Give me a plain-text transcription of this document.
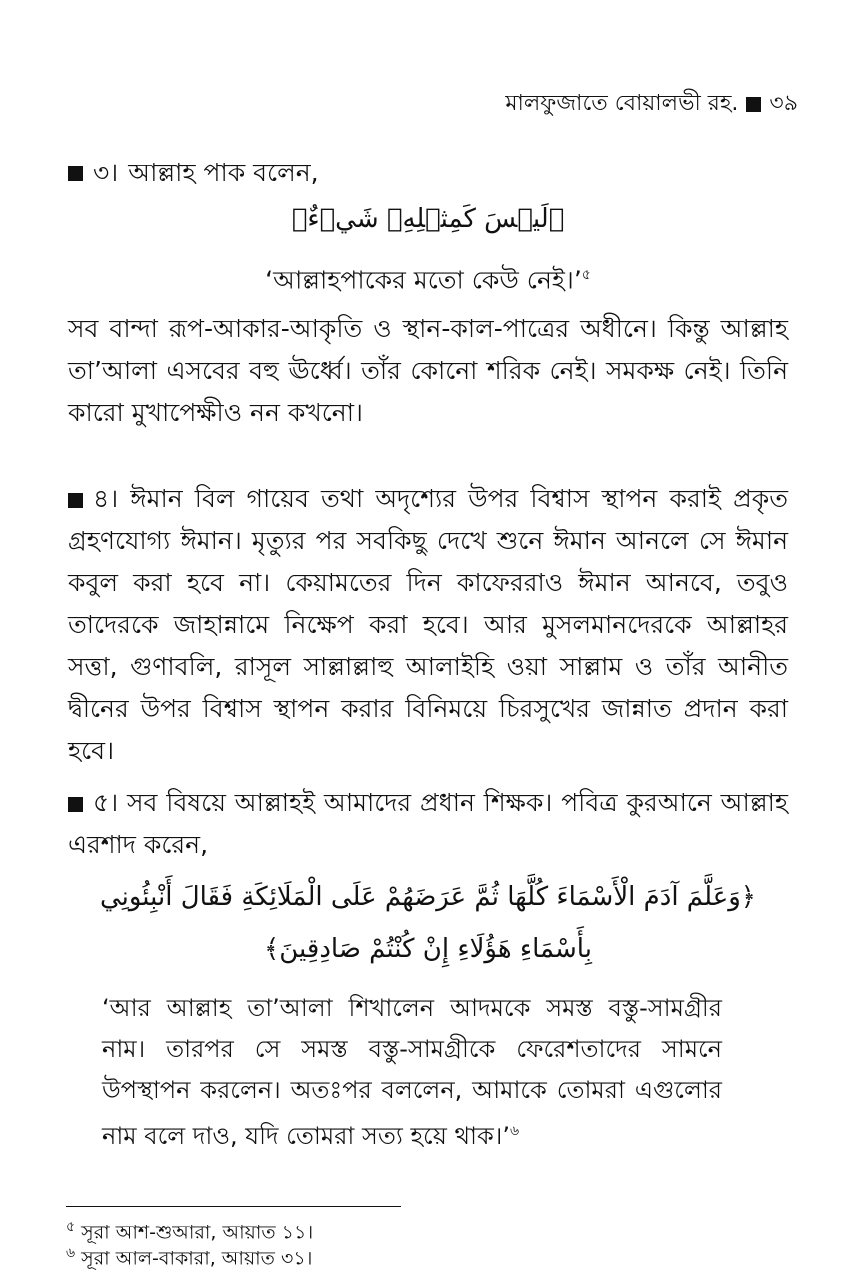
মালফুজাতে বোয়ালভী রহ. ৩৯
৩। আল্লাহ পাক বলেন,
﴿لَيۡسَ كَمِثۡلِهِۦ شَيۡءٌ﴾
‘আল্লাহপাকের মতো কেউ নেই।’$^৫$
সব বান্দা রূপ-আকার-আকৃতি ও স্থান-কাল-পাত্রের অধীনে। কিন্তু আল্লাহ তা’আলা এসবের বহু ঊর্ধ্বে। তাঁর কোনো শরিক নেই। সমকক্ষ নেই। তিনি কারো মুখাপেক্ষীও নন কখনো।
৪। ঈমান বিল গায়েব তথা অদৃশ্যের উপর বিশ্বাস স্থাপন করাই প্রকৃত গ্রহণযোগ্য ঈমান। মৃত্যুর পর সবকিছু দেখে শুনে ঈমান আনলে সে ঈমান কবুল করা হবে না। কেয়ামতের দিন কাফেররাও ঈমান আনবে, তবুও তাদেরকে জাহান্নামে নিক্ষেপ করা হবে। আর মুসলমানদেরকে আল্লাহর সত্তা, গুণাবলি, রাসূল সাল্লাল্লাহু আলাইহি ওয়া সাল্লাম ও তাঁর আনীত দ্বীনের উপর বিশ্বাস স্থাপন করার বিনিময়ে চিরসুখের জান্নাত প্রদান করা হবে।
৫। সব বিষয়ে আল্লাহই আমাদের প্রধান শিক্ষক। পবিত্র কুরআনে আল্লাহ এরশাদ করেন,
﴿وَعَلَّمَ آدَمَ الْأَسْمَاءَ كُلَّهَا ثُمَّ عَرَضَهُمْ عَلَى الْمَلَائِكَةِ فَقَالَ أَنْبِئُونِي
بِأَسْمَاءِ هَؤُلَاءِ إِنْ كُنْتُمْ صَادِقِينَ﴾
‘আর আল্লাহ তা’আলা শিখালেন আদমকে সমস্ত বস্তু-সামগ্রীর নাম। তারপর সে সমস্ত বস্তু-সামগ্রীকে ফেরেশতাদের সামনে উপস্থাপন করলেন। অতঃপর বললেন, আমাকে তোমরা এগুলোর নাম বলে দাও, যদি তোমরা সত্য হয়ে থাক।’$^৬$
$^৫$ সূরা আশ-শুআরা, আয়াত ১১।
$^৬$ সূরা আল-বাকারা, আয়াত ৩১।
